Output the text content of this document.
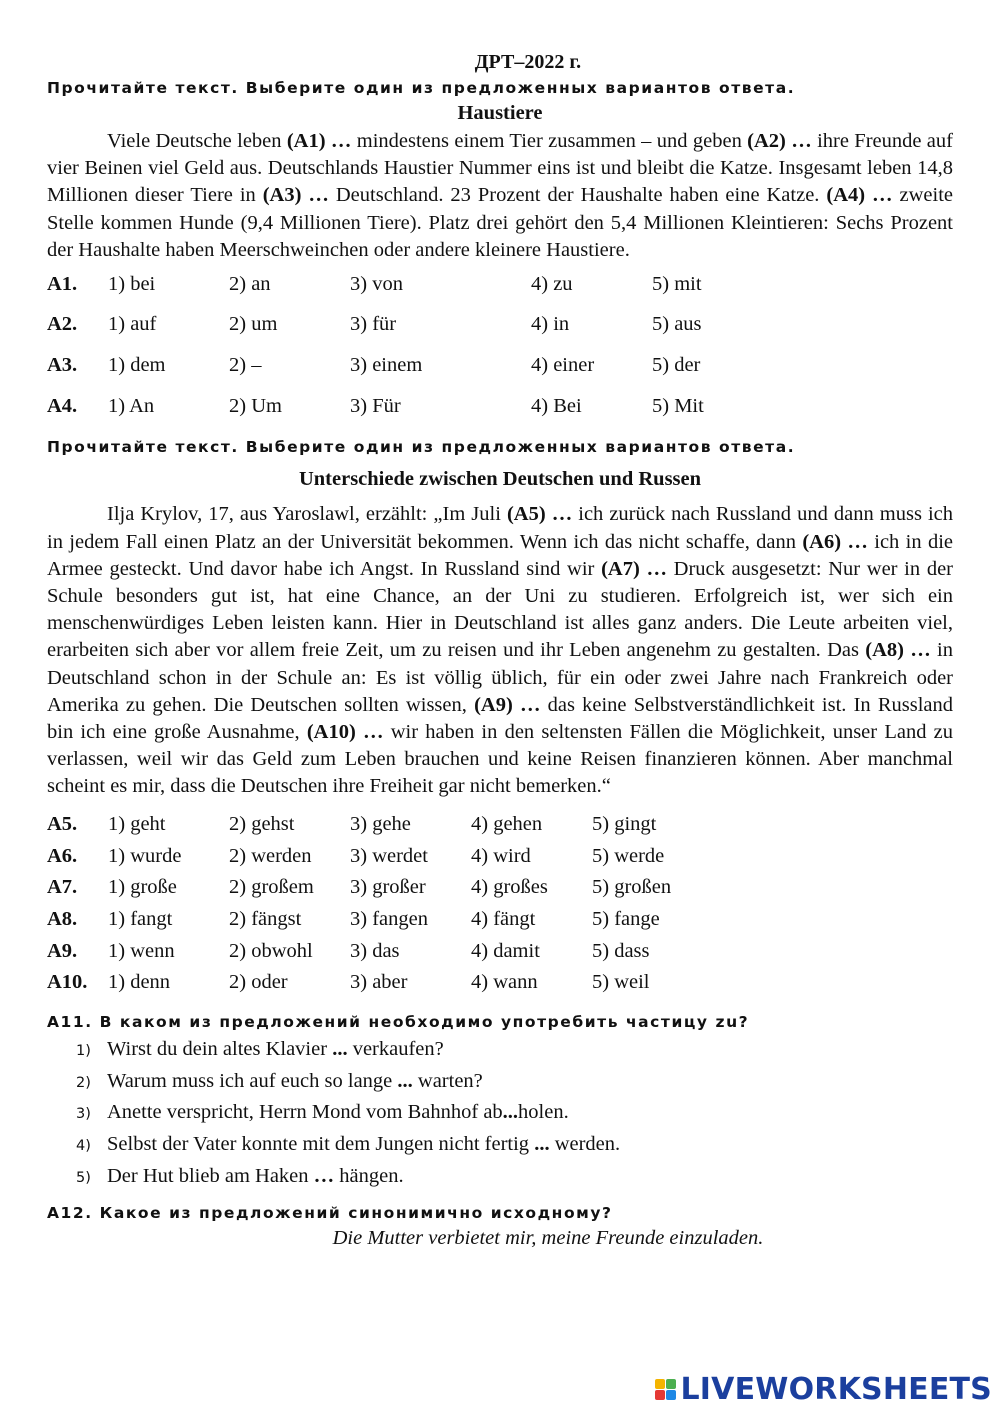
ДРТ–2022 г.

Прочитайте текст. Выберите один из предложенных вариантов ответа.

Haustiere

Viele Deutsche leben (A1) … mindestens einem Tier zusammen – und geben (A2) … ihre Freunde auf vier Beinen viel Geld aus. Deutschlands Haustier Nummer eins ist und bleibt die Katze. Insgesamt leben 14,8 Millionen dieser Tiere in (A3) … Deutschland. 23 Prozent der Haushalte haben eine Katze. (A4) … zweite Stelle kommen Hunde (9,4 Millionen Tiere). Platz drei gehört den 5,4 Millionen Kleintieren: Sechs Prozent der Haushalte haben Meerschweinchen oder andere kleinere Haustiere.

A1.	1) bei	2) an	3) von	4) zu	5) mit
A2.	1) auf	2) um	3) für	4) in	5) aus
A3.	1) dem	2) –	3) einem	4) einer	5) der
A4.	1) An	2) Um	3) Für	4) Bei	5) Mit

Прочитайте текст. Выберите один из предложенных вариантов ответа.

Unterschiede zwischen Deutschen und Russen

Ilja Krylov, 17, aus Yaroslawl, erzählt: „Im Juli (A5) … ich zurück nach Russland und dann muss ich in jedem Fall einen Platz an der Universität bekommen. Wenn ich das nicht schaffe, dann (A6) … ich in die Armee gesteckt. Und davor habe ich Angst. In Russland sind wir (A7) … Druck ausgesetzt: Nur wer in der Schule besonders gut ist, hat eine Chance, an der Uni zu studieren. Erfolgreich ist, wer sich ein menschenwürdiges Leben leisten kann. Hier in Deutschland ist alles ganz anders. Die Leute arbeiten viel, erarbeiten sich aber vor allem freie Zeit, um zu reisen und ihr Leben angenehm zu gestalten. Das (A8) … in Deutschland schon in der Schule an: Es ist völlig üblich, für ein oder zwei Jahre nach Frankreich oder Amerika zu gehen. Die Deutschen sollten wissen, (A9) … das keine Selbstverständlichkeit ist. In Russland bin ich eine große Ausnahme, (A10) … wir haben in den seltensten Fällen die Möglichkeit, unser Land zu verlassen, weil wir das Geld zum Leben brauchen und keine Reisen finanzieren können. Aber manchmal scheint es mir, dass die Deutschen ihre Freiheit gar nicht bemerken.“

A5.	1) geht	2) gehst	3) gehe	4) gehen	5) gingt
A6.	1) wurde	2) werden	3) werdet	4) wird	5) werde
A7.	1) große	2) großem	3) großer	4) großes	5) großen
A8.	1) fangt	2) fängst	3) fangen	4) fängt	5) fange
A9.	1) wenn	2) obwohl	3) das	4) damit	5) dass
A10.	1) denn	2) oder	3) aber	4) wann	5) weil

A11. В каком из предложений необходимо употребить частицу zu?

1) Wirst du dein altes Klavier ... verkaufen?
2) Warum muss ich auf euch so lange ... warten?
3) Anette verspricht, Herrn Mond vom Bahnhof ab...holen.
4) Selbst der Vater konnte mit dem Jungen nicht fertig ... werden.
5) Der Hut blieb am Haken … hängen.

A12. Какое из предложений синонимично исходному?

Die Mutter verbietet mir, meine Freunde einzuladen.

LIVEWORKSHEETS
